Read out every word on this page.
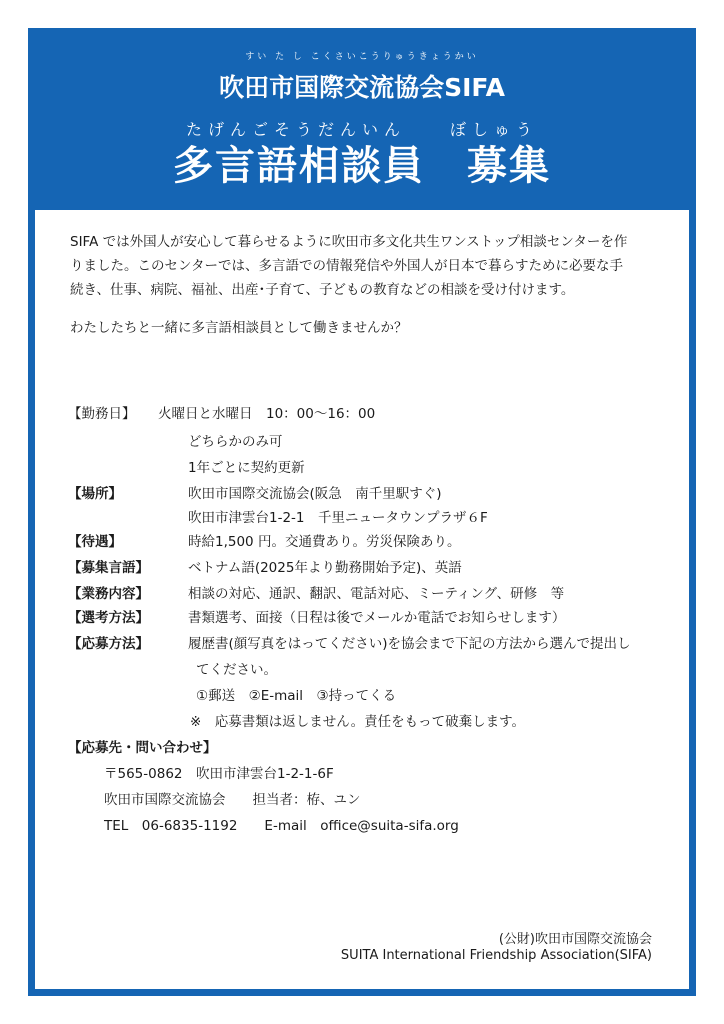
すい た し こくさいこうりゅうきょうかい
吹田市国際交流協会SIFA
たげんごそうだんいん　　ぼしゅう
多言語相談員　募集

SIFA では外国人が安心して暮らせるように吹田市多文化共生ワンストップ相談センターを作りました。このセンターでは、多言語での情報発信や外国人が日本で暮らすために必要な手続き、仕事、病院、福祉、出産･子育て、子どもの教育などの相談を受け付けます。

わたしたちと一緒に多言語相談員として働きませんか？

【勤務日】 火曜日と水曜日　10：00～16：00
どちらかのみ可
1年ごとに契約更新
【場所】	吹田市国際交流協会(阪急　南千里駅すぐ)
吹田市津雲台1-2-1　千里ニュータウンプラザ６F
【待遇】	時給1,500 円。交通費あり。労災保険あり。
【募集言語】	ベトナム語(2025年より勤務開始予定)、英語
【業務内容】	相談の対応、通訳、翻訳、電話対応、ミーティング、研修　等
【選考方法】	書類選考、面接（日程は後でメールか電話でお知らせします）
【応募方法】	履歴書(顔写真をはってください)を協会まで下記の方法から選んで提出し
てください。
①郵送　②E-mail　③持ってくる
※　応募書類は返しません。責任をもって破棄します。
【応募先・問い合わせ】
〒565-0862　吹田市津雲台1-2-1-6F
吹田市国際交流協会　　担当者：栫、ユン
TEL　06-6835-1192　　E-mail　office@suita-sifa.org
(公財)吹田市国際交流協会
SUITA International Friendship Association(SIFA)
